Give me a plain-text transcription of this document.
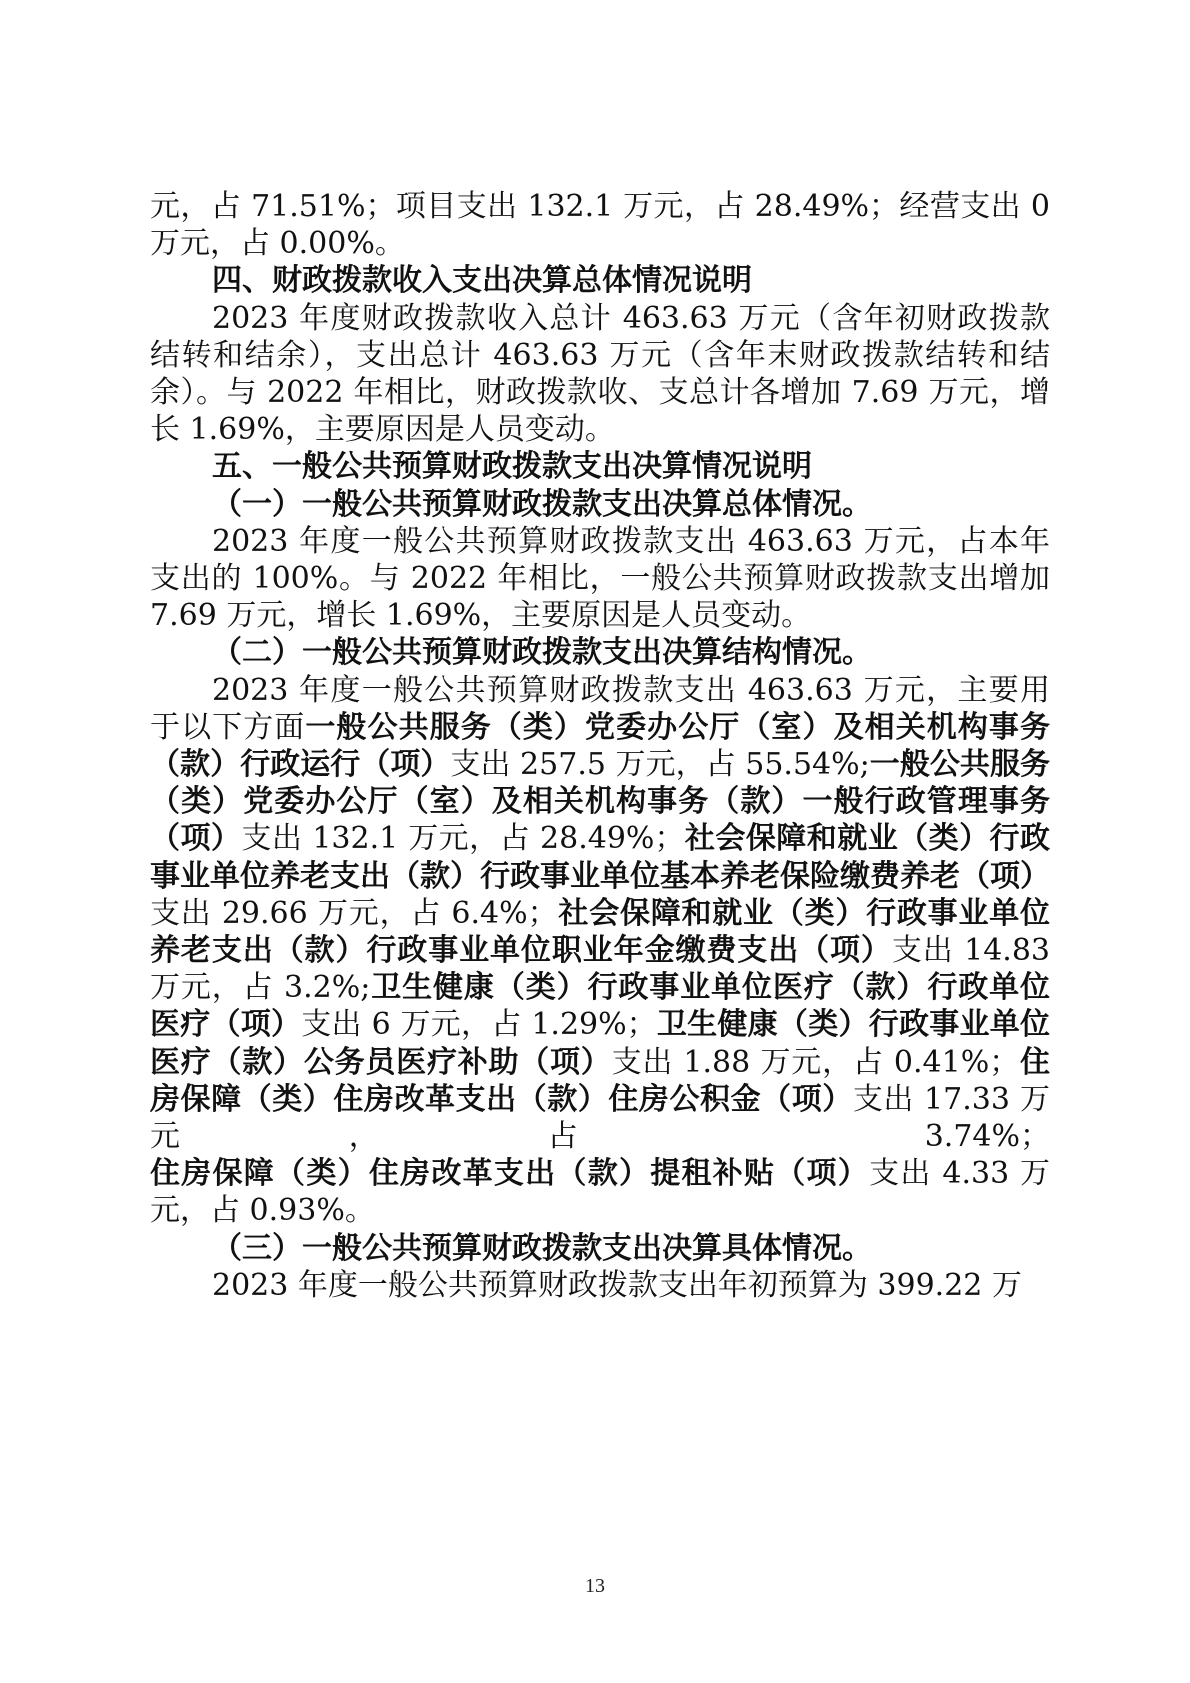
元，占 71.51%；项目支出 132.1 万元，占 28.49%；经营支出 0 万元，占 0.00%。

四、财政拨款收入支出决算总体情况说明

2023 年度财政拨款收入总计 463.63 万元（含年初财政拨款结转和结余），支出总计 463.63 万元（含年末财政拨款结转和结余）。与 2022 年相比，财政拨款收、支总计各增加 7.69 万元，增长 1.69%，主要原因是人员变动。

五、一般公共预算财政拨款支出决算情况说明

（一）一般公共预算财政拨款支出决算总体情况。

2023 年度一般公共预算财政拨款支出 463.63 万元，占本年支出的 100%。与 2022 年相比，一般公共预算财政拨款支出增加 7.69 万元，增长 1.69%，主要原因是人员变动。

（二）一般公共预算财政拨款支出决算结构情况。

2023 年度一般公共预算财政拨款支出 463.63 万元，主要用于以下方面一般公共服务（类）党委办公厅（室）及相关机构事务（款）行政运行（项）支出 257.5 万元，占 55.54%;一般公共服务（类）党委办公厅（室）及相关机构事务（款）一般行政管理事务（项）支出 132.1 万元，占 28.49%；社会保障和就业（类）行政事业单位养老支出（款）行政事业单位基本养老保险缴费养老（项）支出 29.66 万元，占 6.4%；社会保障和就业（类）行政事业单位养老支出（款）行政事业单位职业年金缴费支出（项）支出 14.83 万元，占 3.2%;卫生健康（类）行政事业单位医疗（款）行政单位医疗（项）支出 6 万元，占 1.29%；卫生健康（类）行政事业单位医疗（款）公务员医疗补助（项）支出 1.88 万元，占 0.41%；住房保障（类）住房改革支出（款）住房公积金（项）支出 17.33 万元，占 3.74%；住房保障（类）住房改革支出（款）提租补贴（项）支出 4.33 万元，占 0.93%。

（三）一般公共预算财政拨款支出决算具体情况。

2023 年度一般公共预算财政拨款支出年初预算为 399.22 万

13
